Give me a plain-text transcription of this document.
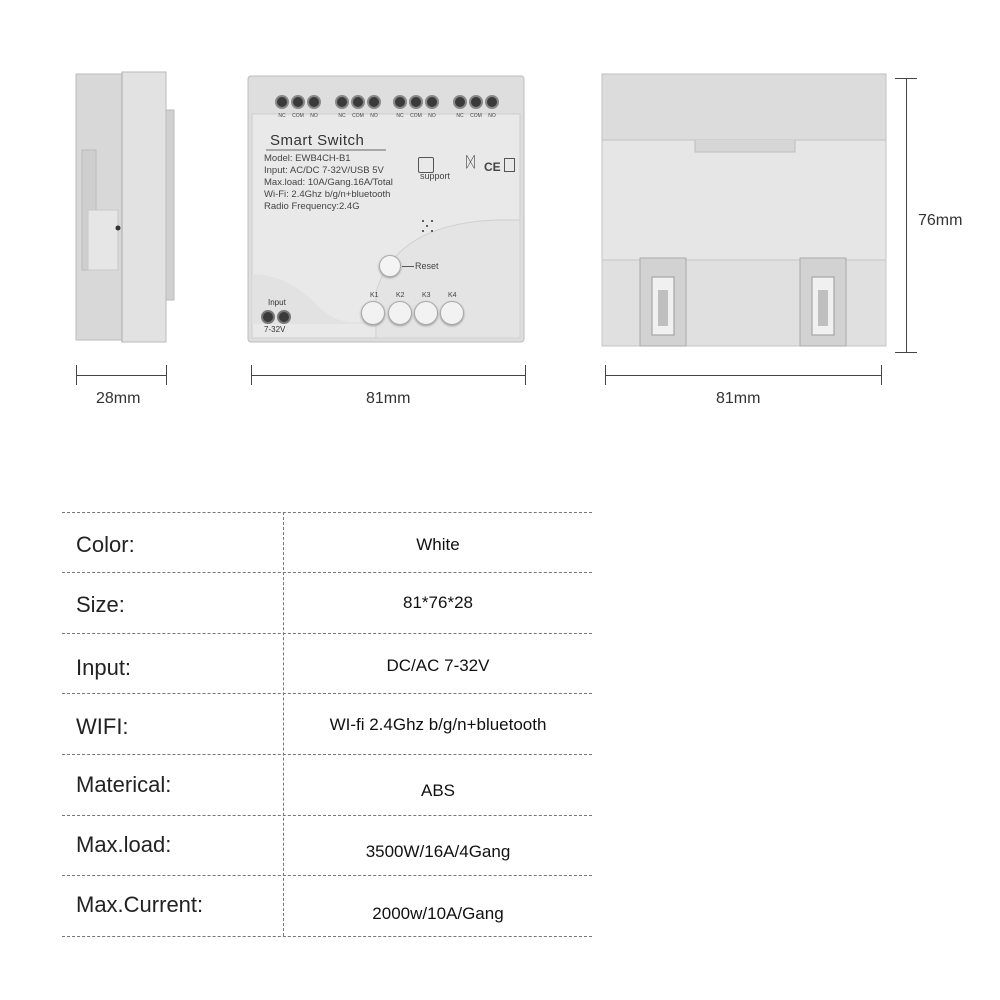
NC COM NO	NC COM NO	NC COM NO	NC COM NO
Smart Switch
Model: EWB4CH-B1
Input: AC/DC 7-32V/USB 5V
Max.load: 10A/Gang.16A/Total
Wi-Fi: 2.4Ghz b/g/n+bluetooth
Radio Frequency:2.4G
support
ᛞ CE
Reset
K1 K2 K3 K4
Input
7-32V
28mm	81mm	81mm
76mm
Color:	White
Size:	81*76*28
Input:	DC/AC 7-32V
WIFI:	WI-fi 2.4Ghz b/g/n+bluetooth
Materical:	ABS
Max.load:	3500W/16A/4Gang
Max.Current:	2000w/10A/Gang
